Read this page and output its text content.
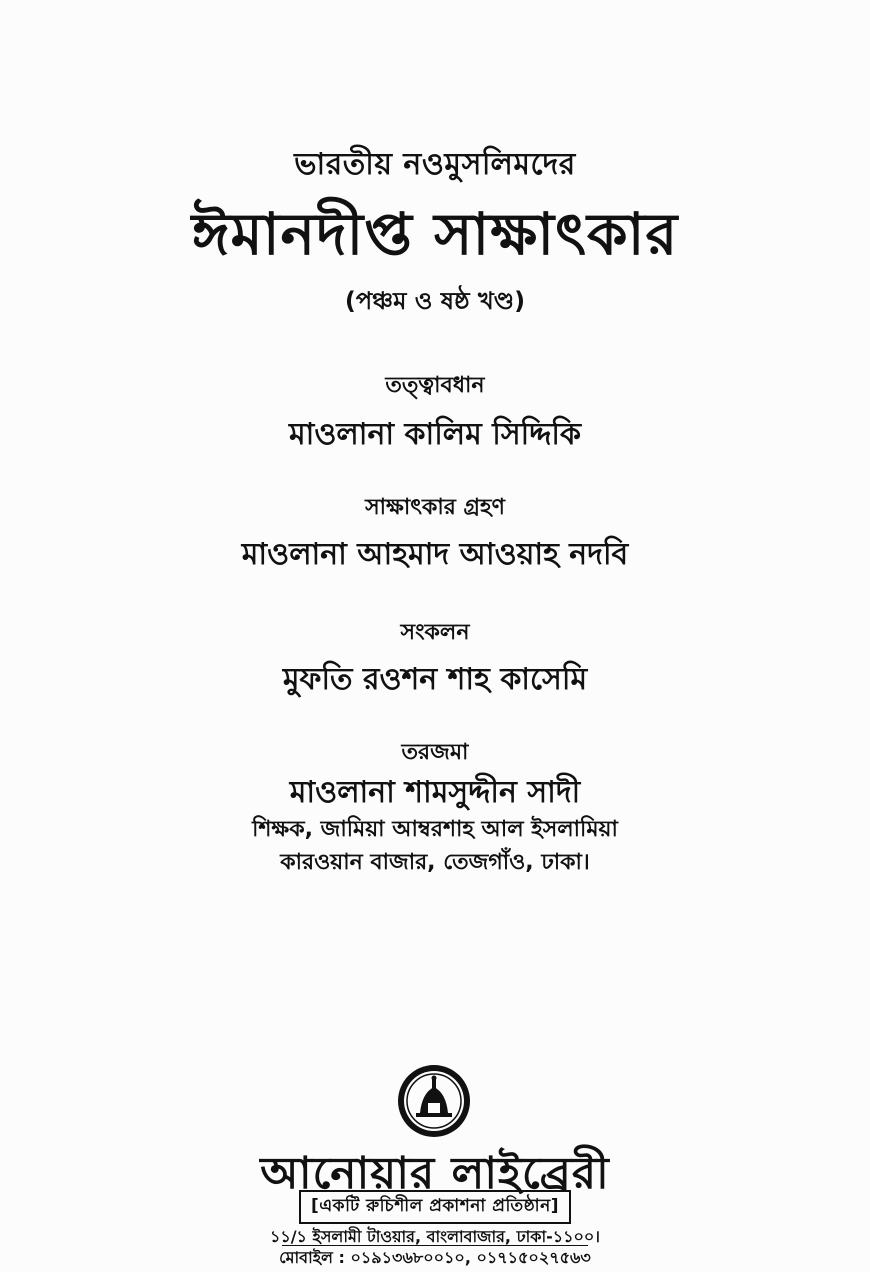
ভারতীয় নওমুসলিমদের
ঈমানদীপ্ত সাক্ষাৎকার
(পঞ্চম ও ষষ্ঠ খণ্ড)
তত্ত্বাবধান
মাওলানা কালিম সিদ্দিকি
সাক্ষাৎকার গ্রহণ
মাওলানা আহমাদ আওয়াহ নদবি
সংকলন
মুফতি রওশন শাহ কাসেমি
তরজমা
মাওলানা শামসুদ্দীন সাদী
শিক্ষক, জামিয়া আম্বরশাহ আল ইসলামিয়া
কারওয়ান বাজার, তেজগাঁও, ঢাকা।
আনোয়ার লাইব্রেরী
[একটি রুচিশীল প্রকাশনা প্রতিষ্ঠান]
১১/১ ইসলামী টাওয়ার, বাংলাবাজার, ঢাকা-১১০০।
মোবাইল : ০১৯১৩৬৮০০১০, ০১৭১৫০২৭৫৬৩
